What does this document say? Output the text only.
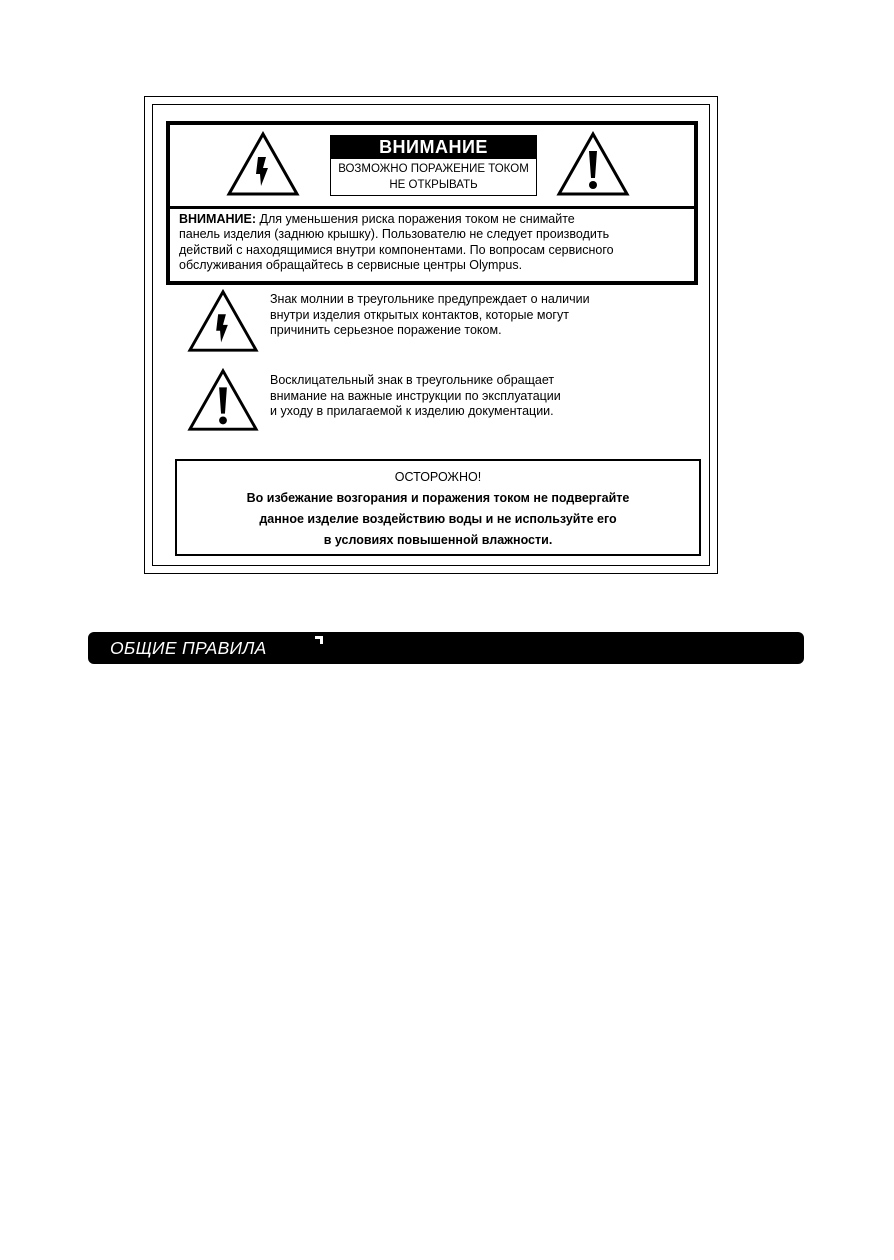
ВНИМАНИЕ
ВОЗМОЖНО ПОРАЖЕНИЕ ТОКОМ
НЕ ОТКРЫВАТЬ
ВНИМАНИЕ: Для уменьшения риска поражения током не снимайте
панель изделия (заднюю крышку). Пользователю не следует производить
действий с находящимися внутри компонентами. По вопросам сервисного
обслуживания обращайтесь в сервисные центры Olympus.
Знак молнии в треугольнике предупреждает о наличии
внутри изделия открытых контактов, которые могут
причинить серьезное поражение током.
Восклицательный знак в треугольнике обращает
внимание на важные инструкции по эксплуатации
и уходу в прилагаемой к изделию документации.
ОСТОРОЖНО!
Во избежание возгорания и поражения током не подвергайте
данное изделие воздействию воды и не используйте его
в условиях повышенной влажности.
ОБЩИЕ ПРАВИЛА
